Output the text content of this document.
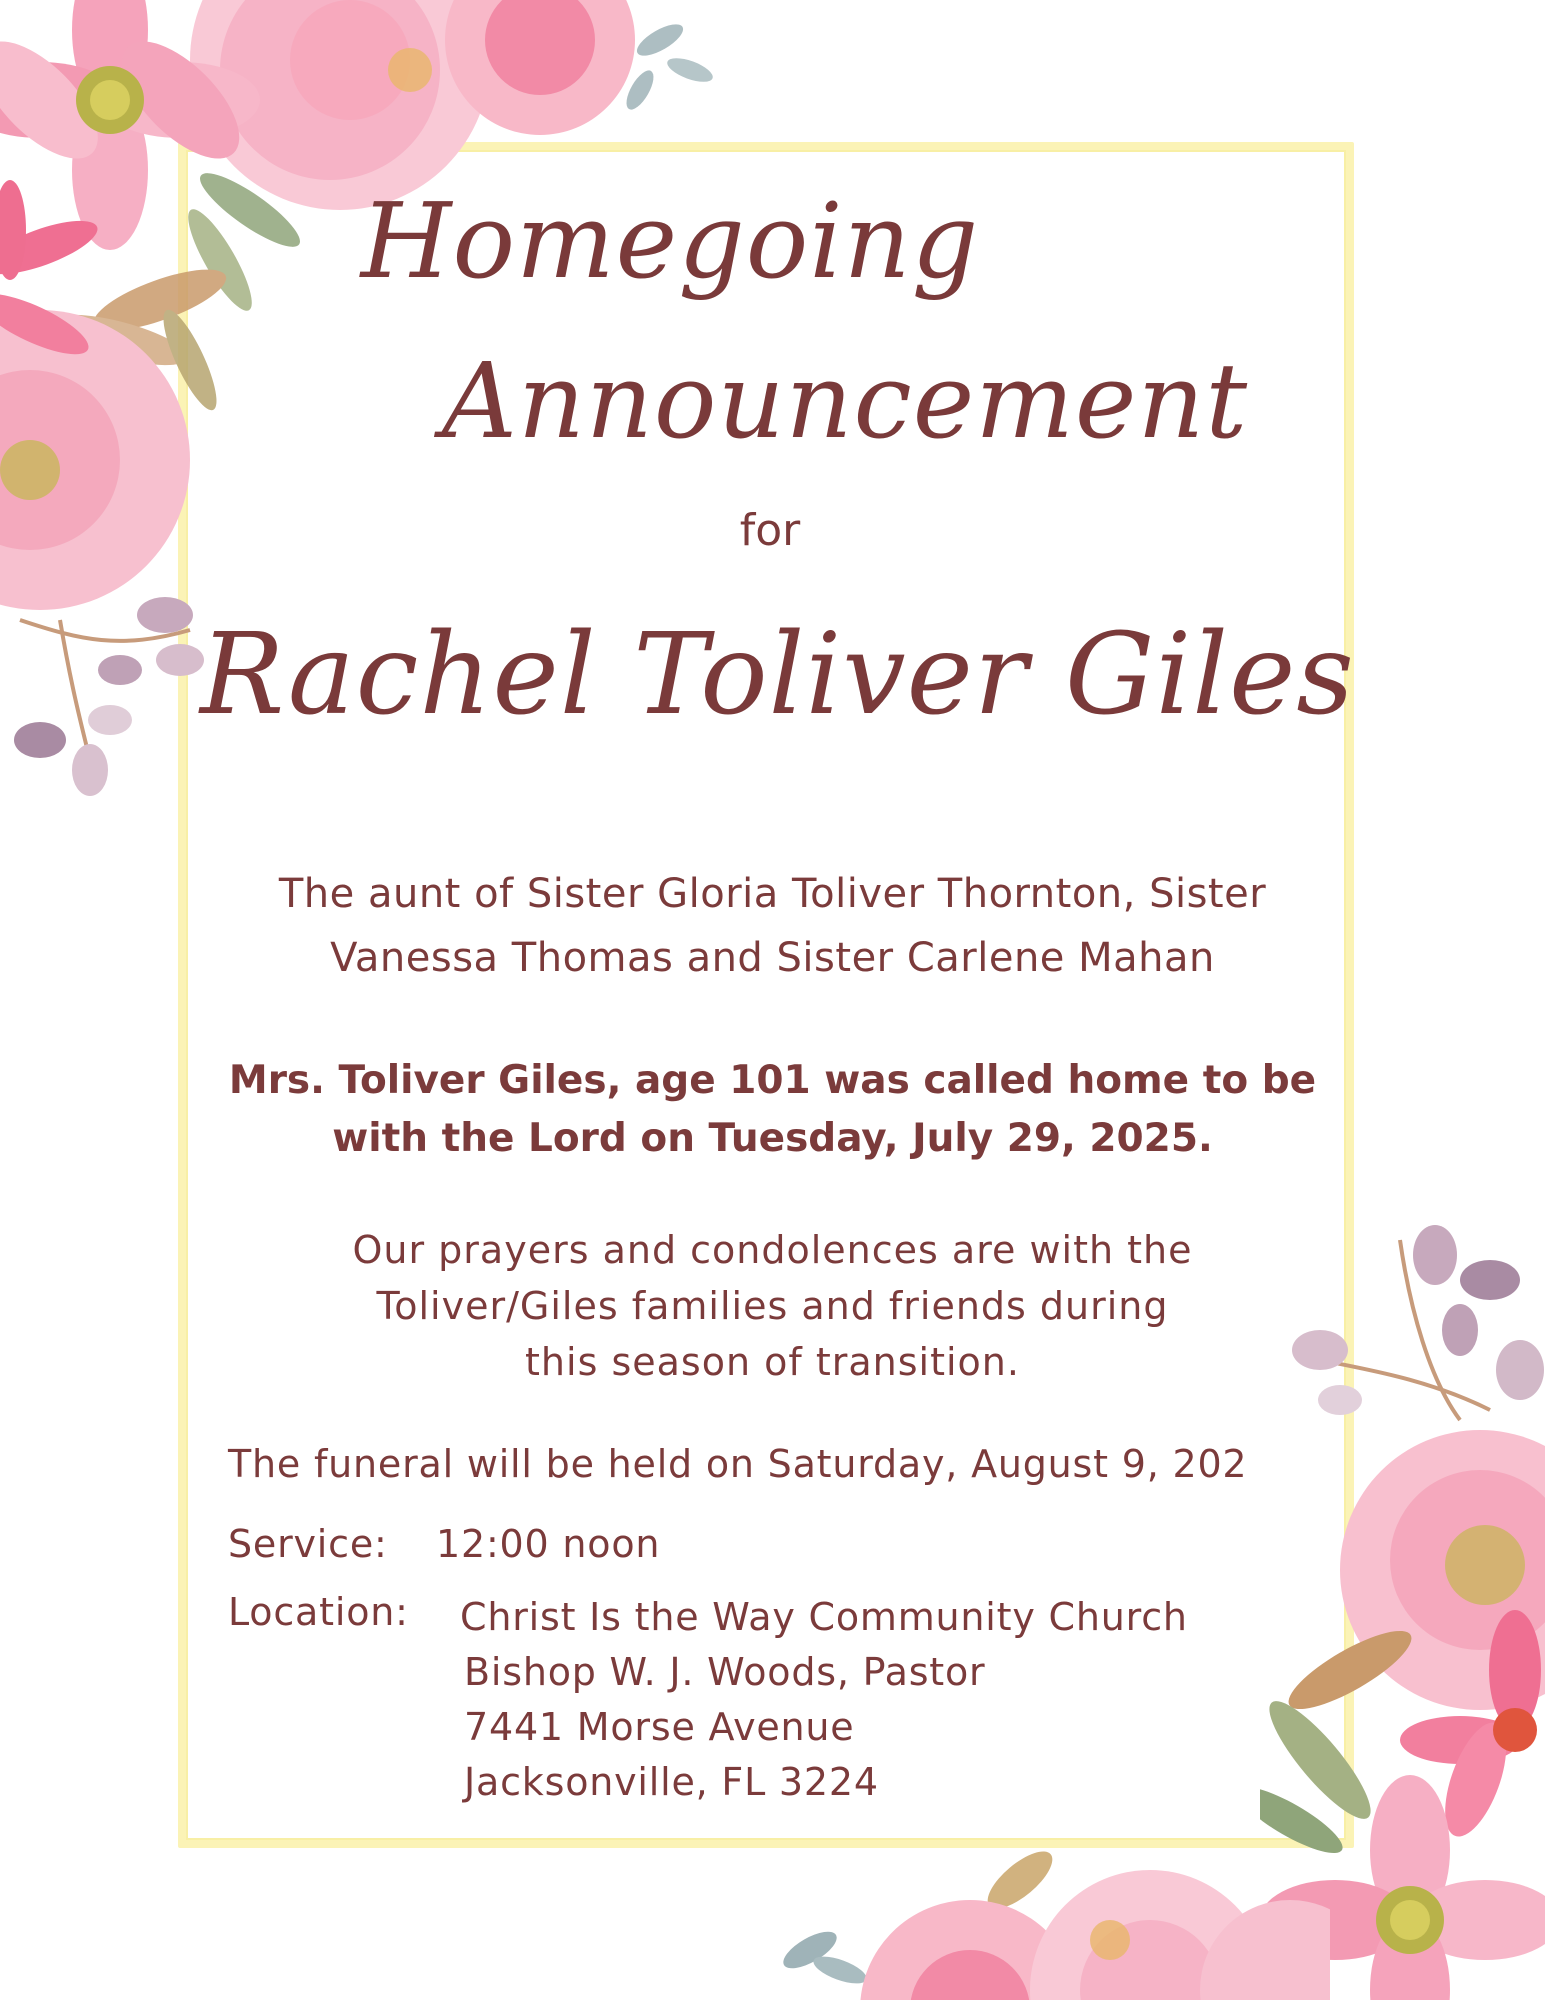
Homegoing
Announcement
for
Rachel Toliver Giles
The aunt of Sister Gloria Toliver Thornton, Sister Vanessa Thomas and Sister Carlene Mahan
Mrs. Toliver Giles, age 101 was called home to be
with the Lord on Tuesday, July 29, 2025.
Our prayers and condolences are with the
Toliver/Giles families and friends during
this season of transition.
The funeral will be held on Saturday, August 9, 202
Service: 12:00 noon
Location: Christ Is the Way Community Church
Bishop W. J. Woods, Pastor
7441 Morse Avenue
Jacksonville, FL 3224
